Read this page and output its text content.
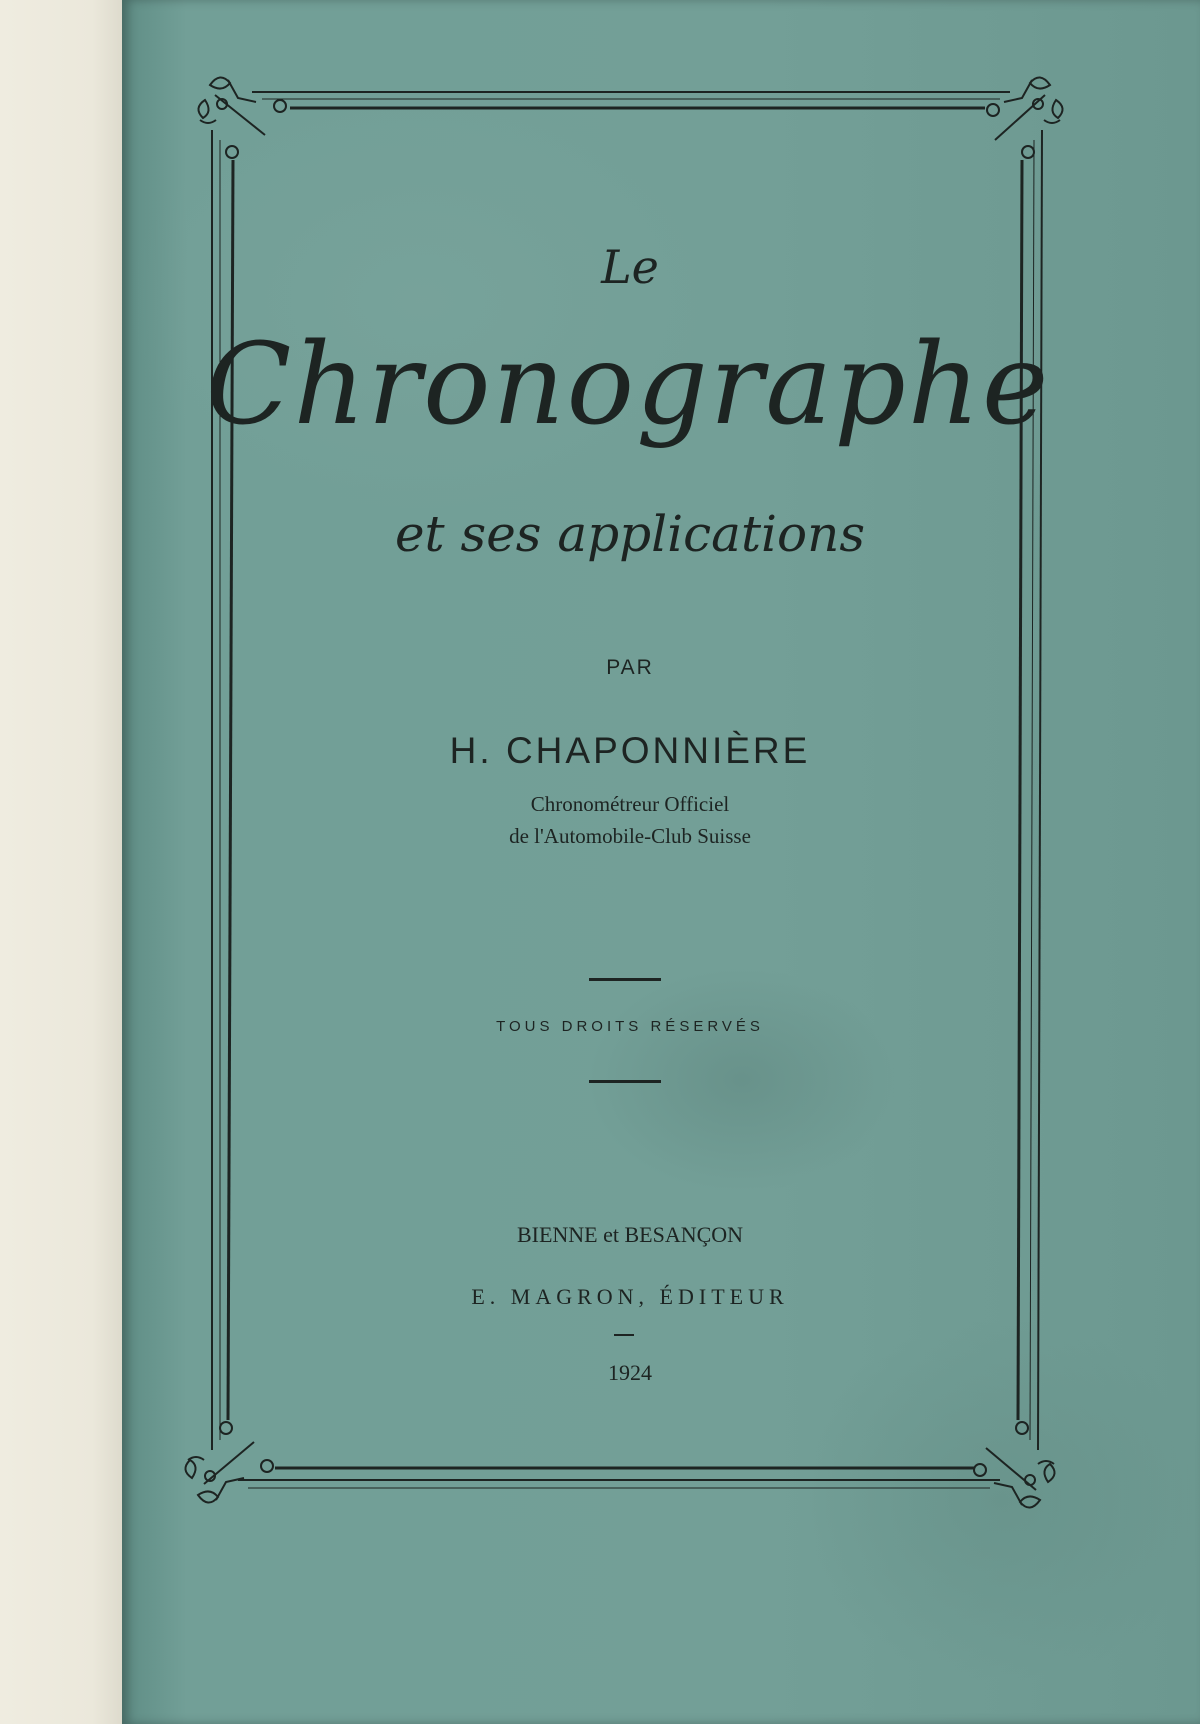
Le

Chronographe

et ses applications

PAR

H. CHAPONNIÈRE

Chronométreur Officiel

de l'Automobile-Club Suisse

TOUS DROITS RÉSERVÉS

BIENNE et BESANÇON

E. MAGRON, ÉDITEUR

1924
